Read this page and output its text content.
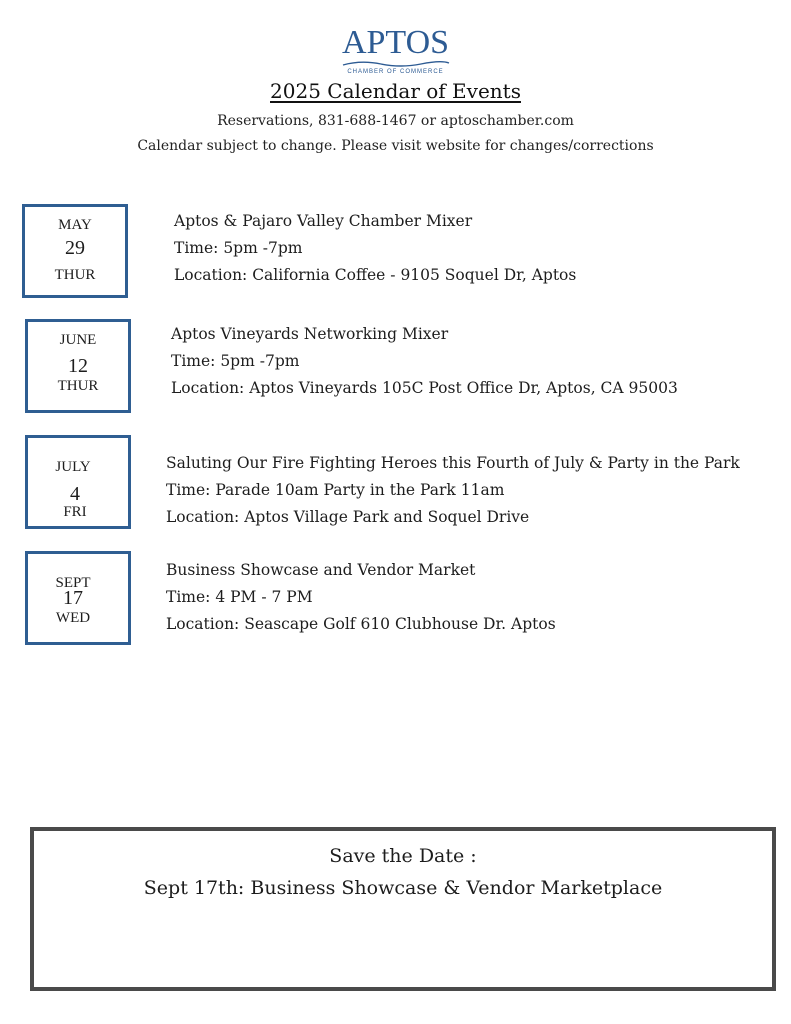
APTOS
CHAMBER OF COMMERCE
2025 Calendar of Events
Reservations, 831-688-1467 or aptoschamber.com
Calendar subject to change. Please visit website for changes/corrections
MAY
29
THUR
Aptos & Pajaro Valley Chamber Mixer
Time: 5pm -7pm
Location: California Coffee - 9105 Soquel Dr, Aptos
JUNE
12
THUR
Aptos Vineyards Networking Mixer
Time: 5pm -7pm
Location: Aptos Vineyards 105C Post Office Dr, Aptos, CA 95003
JULY
4
FRI
Saluting Our Fire Fighting Heroes this Fourth of July & Party in the Park
Time: Parade 10am Party in the Park 11am
Location: Aptos Village Park and Soquel Drive
SEPT
17
WED
Business Showcase and Vendor Market
Time: 4 PM - 7 PM
Location: Seascape Golf 610 Clubhouse Dr. Aptos
Save the Date :
Sept 17th: Business Showcase & Vendor Marketplace
